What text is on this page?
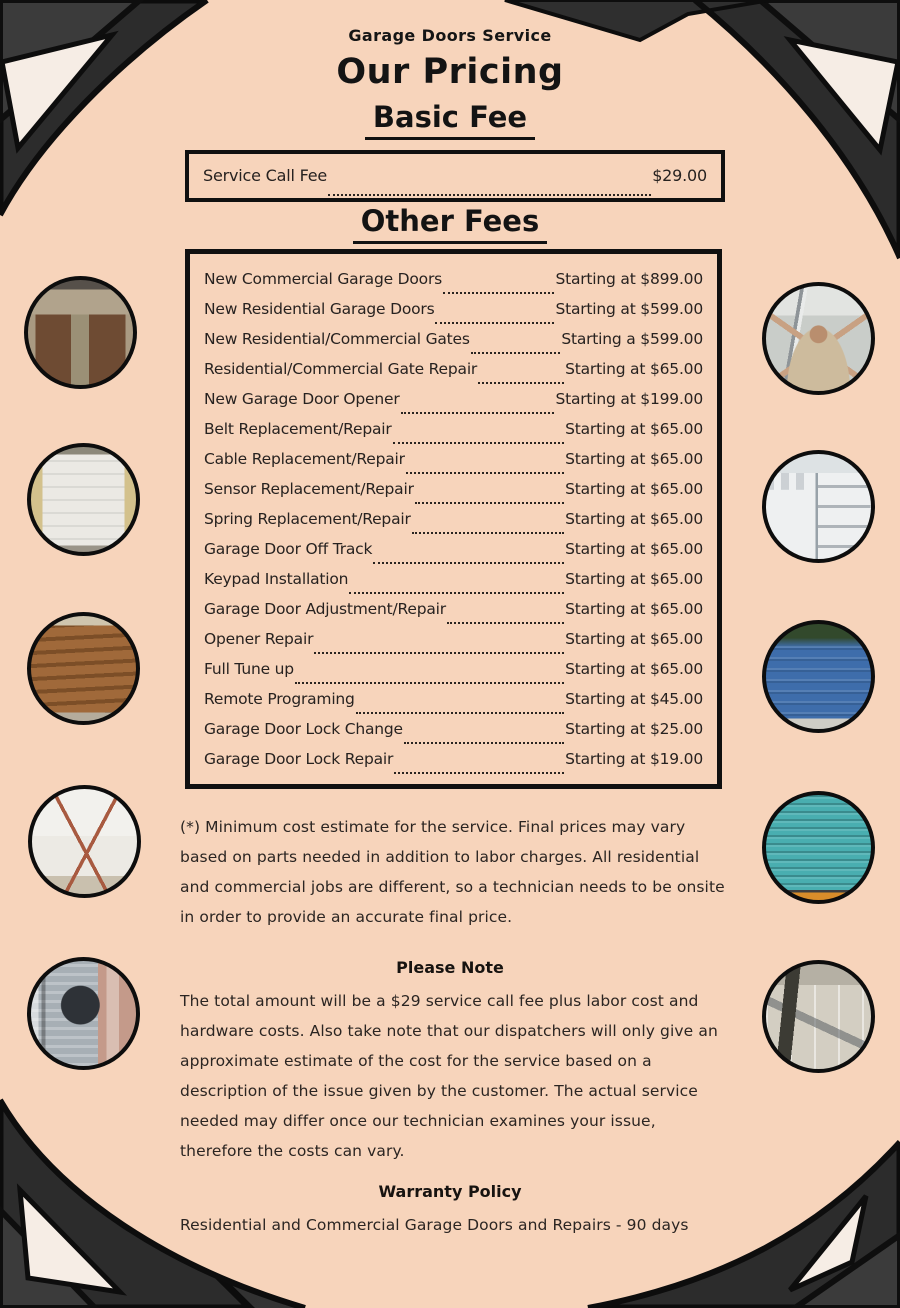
Garage Doors Service
Our Pricing
Basic Fee
Service Call Fee	$29.00
Other Fees
New Commercial Garage Doors	Starting at $899.00
New Residential Garage Doors	Starting at $599.00
New Residential/Commercial Gates	Starting a $599.00
Residential/Commercial Gate Repair	Starting at $65.00
New Garage Door Opener	Starting at $199.00
Belt Replacement/Repair	Starting at $65.00
Cable Replacement/Repair	Starting at $65.00
Sensor Replacement/Repair	Starting at $65.00
Spring Replacement/Repair	Starting at $65.00
Garage Door Off Track	Starting at $65.00
Keypad Installation	Starting at $65.00
Garage Door Adjustment/Repair	Starting at $65.00
Opener Repair	Starting at $65.00
Full Tune up	Starting at $65.00
Remote Programing	Starting at $45.00
Garage Door Lock Change	Starting at $25.00
Garage Door Lock Repair	Starting at $19.00
(*) Minimum cost estimate for the service. Final prices may vary based on parts needed in addition to labor charges. All residential and commercial jobs are different, so a technician needs to be onsite in order to provide an accurate final price.
Please Note
The total amount will be a $29 service call fee plus labor cost and hardware costs. Also take note that our dispatchers will only give an approximate estimate of the cost for the service based on a description of the issue given by the customer. The actual service needed may differ once our technician examines your issue, therefore the costs can vary.
Warranty Policy
Residential and Commercial Garage Doors and Repairs - 90 days
